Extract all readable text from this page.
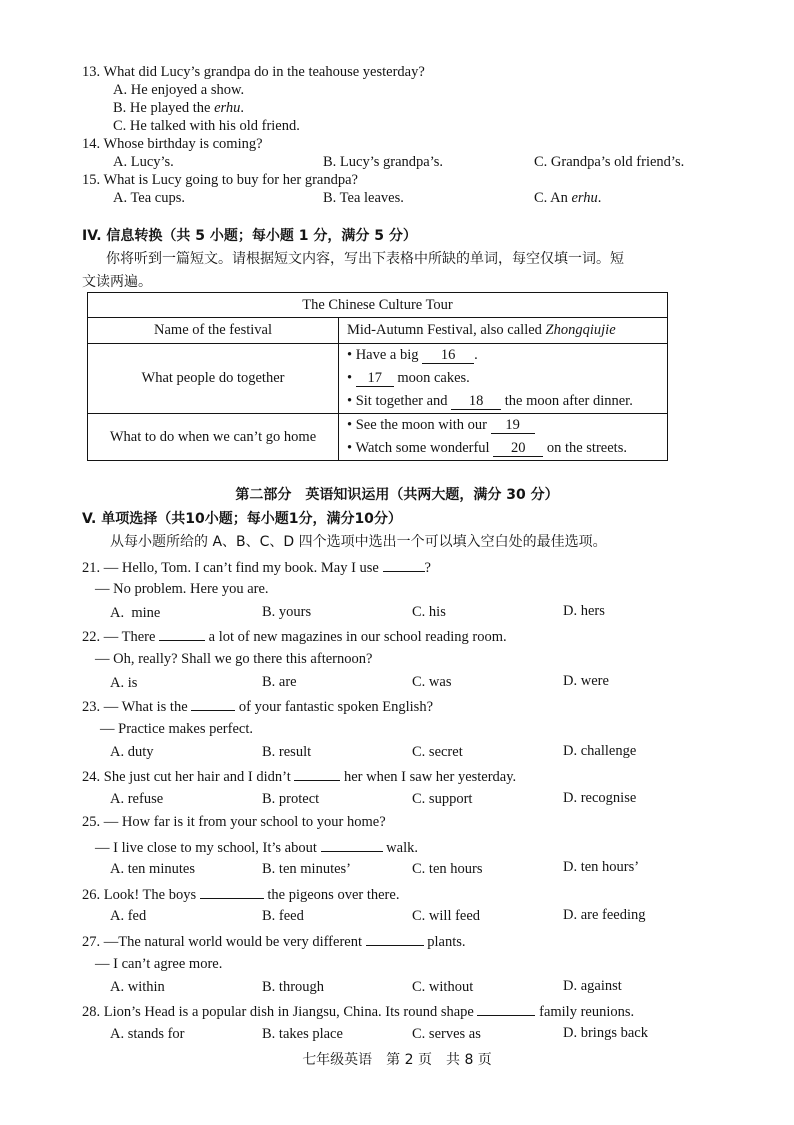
13. What did Lucy’s grandpa do in the teahouse yesterday?
A. He enjoyed a show.
B. He played the erhu.
C. He talked with his old friend.
14. Whose birthday is coming?
A. Lucy’s.	B. Lucy’s grandpa’s.	C. Grandpa’s old friend’s.
15. What is Lucy going to buy for her grandpa?
A. Tea cups.	B. Tea leaves.	C. An erhu.
IV. 信息转换（共 5 小题；每小题 1 分，满分 5 分）
你将听到一篇短文。请根据短文内容，写出下表格中所缺的单词，每空仅填一词。短
文读两遍。
The Chinese Culture Tour	
Name of the festival	Mid-Autumn Festival, also called Zhongqiujie
What people do together	• Have a big 16 .
• 17 moon cakes.
• Sit together and 18 the moon after dinner.

What to do when we can’t go home	• See the moon with our 19
• Watch some wonderful 20 on the streets.
第二部分　英语知识运用（共两大题，满分 30 分）
V. 单项选择（共10小题；每小题1分，满分10分）
从每小题所给的 A、B、C、D 四个选项中选出一个可以填入空白处的最佳选项。
21. — Hello, Tom. I can’t find my book. May I use	?
— No problem. Here you are.
A.  mine	B. yours	C. his	D. hers
22. — There	a lot of new magazines in our school reading room.
— Oh, really? Shall we go there this afternoon?
A. is	B. are	C. was	D. were
23. — What is the	of your fantastic spoken English?
— Practice makes perfect.
A. duty	B. result	C. secret	D. challenge
24. She just cut her hair and I didn’t	her when I saw her yesterday.
A. refuse	B. protect	C. support	D. recognise
25. — How far is it from your school to your home?
— I live close to my school, It’s about	walk.
A. ten minutes	B. ten minutes’	C. ten hours	D. ten hours’
26. Look! The boys	the pigeons over there.
A. fed	B. feed	C. will feed	D. are feeding
27. —The natural world would be very different	plants.
— I can’t agree more.
A. within	B. through	C. without	D. against
28. Lion’s Head is a popular dish in Jiangsu, China. Its round shape	family reunions.
A. stands for	B. takes place	C. serves as	D. brings back
七年级英语　第 2 页　共 8 页
